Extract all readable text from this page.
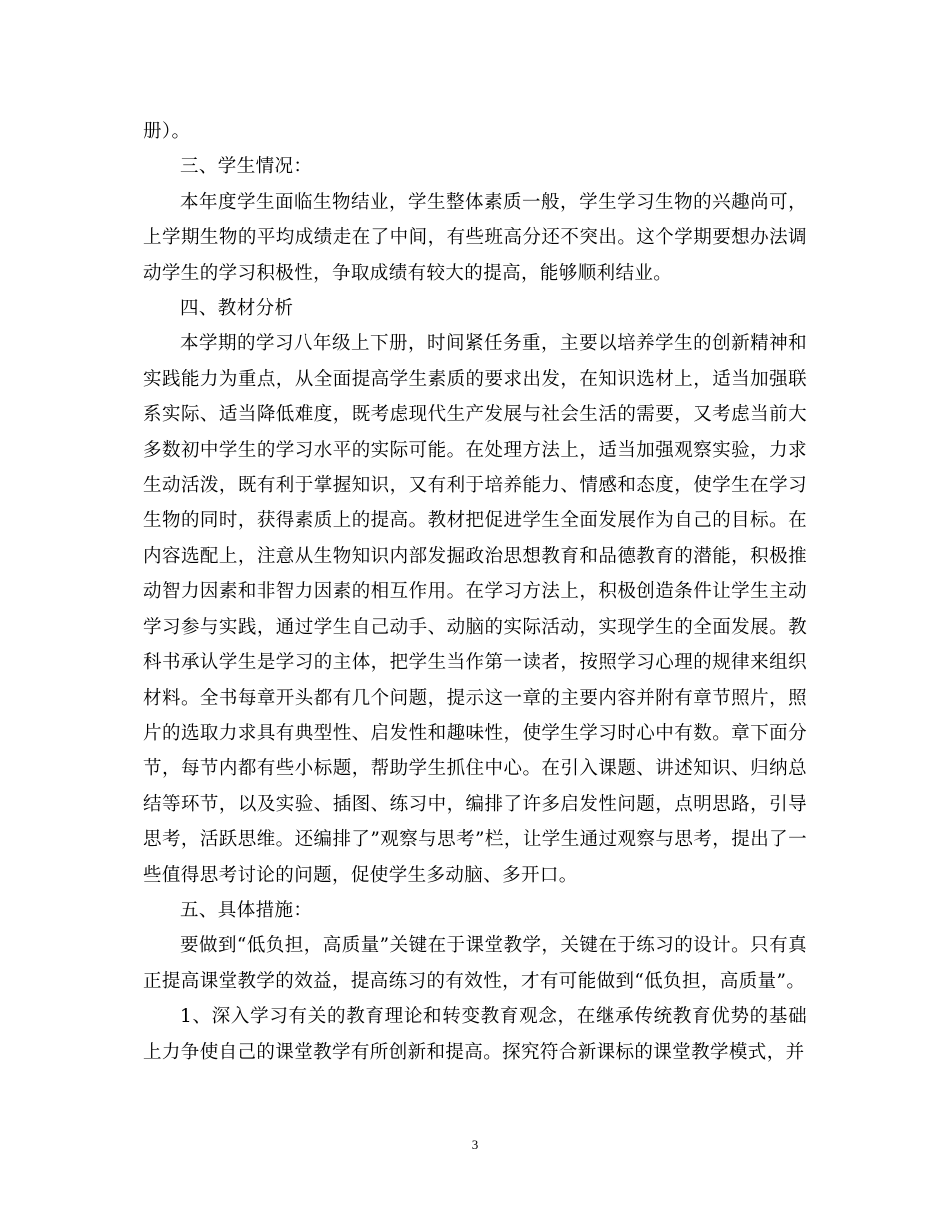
册）。

三、学生情况：

本年度学生面临生物结业，学生整体素质一般，学生学习生物的兴趣尚可，上学期生物的平均成绩走在了中间，有些班高分还不突出。这个学期要想办法调动学生的学习积极性，争取成绩有较大的提高，能够顺利结业。

四、教材分析

本学期的学习八年级上下册，时间紧任务重，主要以培养学生的创新精神和实践能力为重点，从全面提高学生素质的要求出发，在知识选材上，适当加强联系实际、适当降低难度，既考虑现代生产发展与社会生活的需要，又考虑当前大多数初中学生的学习水平的实际可能。在处理方法上，适当加强观察实验，力求生动活泼，既有利于掌握知识，又有利于培养能力、情感和态度，使学生在学习生物的同时，获得素质上的提高。教材把促进学生全面发展作为自己的目标。在内容选配上，注意从生物知识内部发掘政治思想教育和品德教育的潜能，积极推动智力因素和非智力因素的相互作用。在学习方法上，积极创造条件让学生主动学习参与实践，通过学生自己动手、动脑的实际活动，实现学生的全面发展。教科书承认学生是学习的主体，把学生当作第一读者，按照学习心理的规律来组织材料。全书每章开头都有几个问题，提示这一章的主要内容并附有章节照片，照片的选取力求具有典型性、启发性和趣味性，使学生学习时心中有数。章下面分节，每节内都有些小标题，帮助学生抓住中心。在引入课题、讲述知识、归纳总结等环节，以及实验、插图、练习中，编排了许多启发性问题，点明思路，引导思考，活跃思维。还编排了”观察与思考”栏，让学生通过观察与思考，提出了一些值得思考讨论的问题，促使学生多动脑、多开口。

五、具体措施：

要做到“低负担，高质量”关键在于课堂教学，关键在于练习的设计。只有真正提高课堂教学的效益，提高练习的有效性，才有可能做到“低负担，高质量”。

1、深入学习有关的教育理论和转变教育观念，在继承传统教育优势的基础上力争使自己的课堂教学有所创新和提高。探究符合新课标的课堂教学模式，并

3
